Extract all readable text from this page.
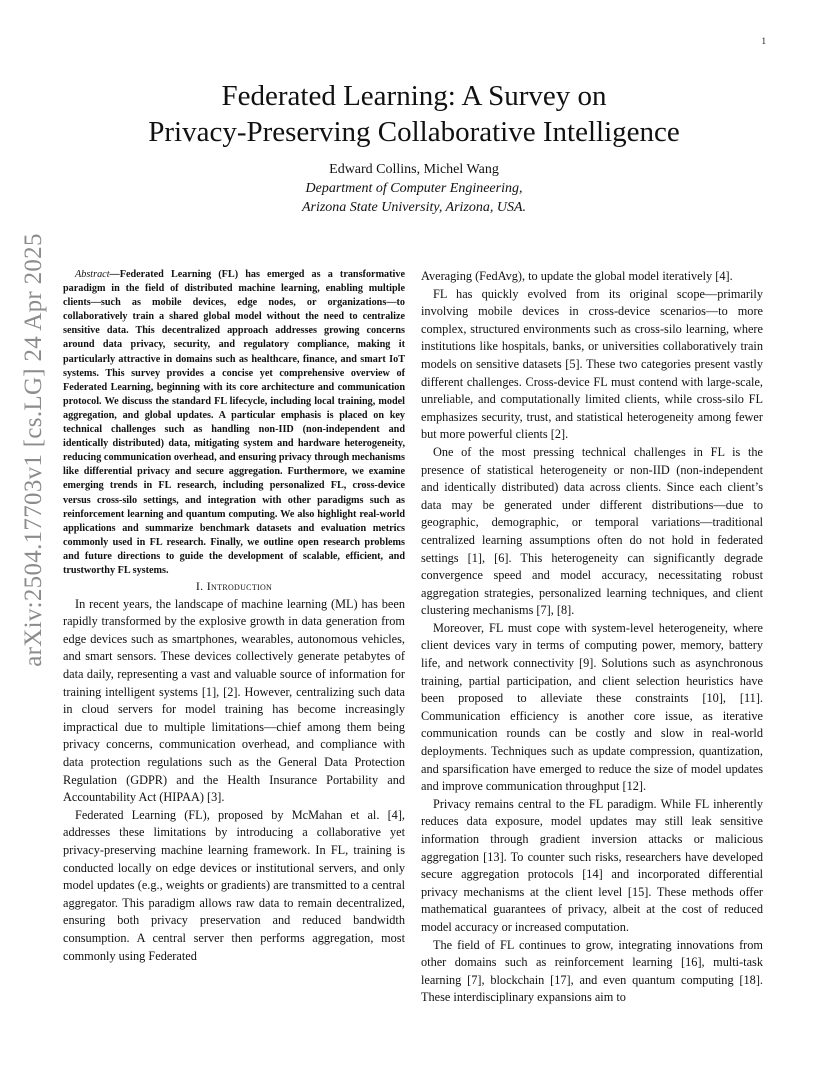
1
arXiv:2504.17703v1 [cs.LG] 24 Apr 2025
Federated Learning: A Survey on
Privacy-Preserving Collaborative Intelligence
Edward Collins, Michel Wang
Department of Computer Engineering,
Arizona State University, Arizona, USA.

Abstract—Federated Learning (FL) has emerged as a transformative paradigm in the field of distributed machine learning, enabling multiple clients—such as mobile devices, edge nodes, or organizations—to collaboratively train a shared global model without the need to centralize sensitive data. This decentralized approach addresses growing concerns around data privacy, security, and regulatory compliance, making it particularly attractive in domains such as healthcare, finance, and smart IoT systems. This survey provides a concise yet comprehensive overview of Federated Learning, beginning with its core architecture and communication protocol. We discuss the standard FL lifecycle, including local training, model aggregation, and global updates. A particular emphasis is placed on key technical challenges such as handling non-IID (non-independent and identically distributed) data, mitigating system and hardware heterogeneity, reducing communication overhead, and ensuring privacy through mechanisms like differential privacy and secure aggregation. Furthermore, we examine emerging trends in FL research, including personalized FL, cross-device versus cross-silo settings, and integration with other paradigms such as reinforcement learning and quantum computing. We also highlight real-world applications and summarize benchmark datasets and evaluation metrics commonly used in FL research. Finally, we outline open research problems and future directions to guide the development of scalable, efficient, and trustworthy FL systems.

I. Introduction

In recent years, the landscape of machine learning (ML) has been rapidly transformed by the explosive growth in data generation from edge devices such as smartphones, wearables, autonomous vehicles, and smart sensors. These devices collectively generate petabytes of data daily, representing a vast and valuable source of information for training intelligent systems [1], [2]. However, centralizing such data in cloud servers for model training has become increasingly impractical due to multiple limitations—chief among them being privacy concerns, communication overhead, and compliance with data protection regulations such as the General Data Protection Regulation (GDPR) and the Health Insurance Portability and Accountability Act (HIPAA) [3].

Federated Learning (FL), proposed by McMahan et al. [4], addresses these limitations by introducing a collaborative yet privacy-preserving machine learning framework. In FL, training is conducted locally on edge devices or institutional servers, and only model updates (e.g., weights or gradients) are transmitted to a central aggregator. This paradigm allows raw data to remain decentralized, ensuring both privacy preservation and reduced bandwidth consumption. A central server then performs aggregation, most commonly using Federated

Averaging (FedAvg), to update the global model iteratively [4].

FL has quickly evolved from its original scope—primarily involving mobile devices in cross-device scenarios—to more complex, structured environments such as cross-silo learning, where institutions like hospitals, banks, or universities collaboratively train models on sensitive datasets [5]. These two categories present vastly different challenges. Cross-device FL must contend with large-scale, unreliable, and computationally limited clients, while cross-silo FL emphasizes security, trust, and statistical heterogeneity among fewer but more powerful clients [2].

One of the most pressing technical challenges in FL is the presence of statistical heterogeneity or non-IID (non-independent and identically distributed) data across clients. Since each client’s data may be generated under different distributions—due to geographic, demographic, or temporal variations—traditional centralized learning assumptions often do not hold in federated settings [1], [6]. This heterogeneity can significantly degrade convergence speed and model accuracy, necessitating robust aggregation strategies, personalized learning techniques, and client clustering mechanisms [7], [8].

Moreover, FL must cope with system-level heterogeneity, where client devices vary in terms of computing power, memory, battery life, and network connectivity [9]. Solutions such as asynchronous training, partial participation, and client selection heuristics have been proposed to alleviate these constraints [10], [11]. Communication efficiency is another core issue, as iterative communication rounds can be costly and slow in real-world deployments. Techniques such as update compression, quantization, and sparsification have emerged to reduce the size of model updates and improve communication throughput [12].

Privacy remains central to the FL paradigm. While FL inherently reduces data exposure, model updates may still leak sensitive information through gradient inversion attacks or malicious aggregation [13]. To counter such risks, researchers have developed secure aggregation protocols [14] and incorporated differential privacy mechanisms at the client level [15]. These methods offer mathematical guarantees of privacy, albeit at the cost of reduced model accuracy or increased computation.

The field of FL continues to grow, integrating innovations from other domains such as reinforcement learning [16], multi-task learning [7], blockchain [17], and even quantum computing [18]. These interdisciplinary expansions aim to
